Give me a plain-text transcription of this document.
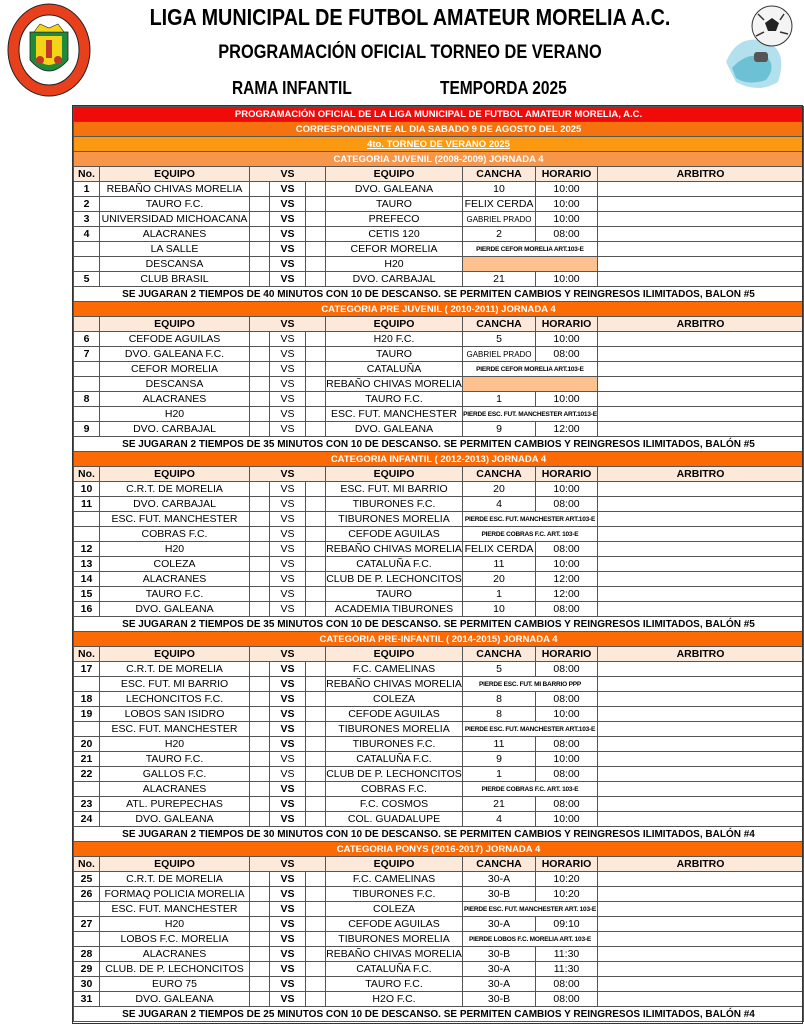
LIGA MUNICIPAL DE FUTBOL AMATEUR MORELIA A.C.
PROGRAMACIÓN OFICIAL TORNEO DE VERANO
RAMA INFANTIL	TEMPORDA 2025
PROGRAMACIÓN OFICIAL DE LA LIGA MUNICIPAL DE FUTBOL AMATEUR MORELIA, A.C.								
CORRESPONDIENTE AL DIA SABADO 9 DE AGOSTO DEL 2025								
4to. TORNEO DE VERANO 2025								
CATEGORIA JUVENIL (2008-2009) JORNADA 4								
No.	EQUIPO	VS			EQUIPO	CANCHA	HORARIO	ARBITRO
1	REBAÑO CHIVAS MORELIA		VS		DVO. GALEANA	10	10:00	
2	TAURO F.C.		VS		TAURO	FELIX CERDA	10:00	
3	UNIVERSIDAD MICHOACANA		VS		PREFECO	GABRIEL PRADO	10:00	
4	ALACRANES		VS		CETIS 120	2	08:00	
	LA SALLE		VS		CEFOR MORELIA	PIERDE CEFOR MORELIA ART.103-E		
	DESCANSA		VS		H20			
5	CLUB BRASIL		VS		DVO. CARBAJAL	21	10:00	
SE JUGARAN 2 TIEMPOS DE 40 MINUTOS CON 10 DE DESCANSO. SE PERMITEN CAMBIOS Y REINGRESOS ILIMITADOS, BALON #5								
CATEGORIA PRE JUVENIL ( 2010-2011) JORNADA 4								
	EQUIPO	VS			EQUIPO	CANCHA	HORARIO	ARBITRO
6	CEFODE AGUILAS		VS		H20 F.C.	5	10:00	
7	DVO. GALEANA F.C.		VS		TAURO	GABRIEL PRADO	08:00	
	CEFOR MORELIA		VS		CATALUÑA	PIERDE CEFOR MORELIA ART.103-E		
	DESCANSA		VS		REBAÑO CHIVAS MORELIA			
8	ALACRANES		VS		TAURO F.C.	1	10:00	
	H20		VS		ESC. FUT. MANCHESTER	PIERDE ESC. FUT. MANCHESTER ART.1013-E		
9	DVO. CARBAJAL		VS		DVO. GALEANA	9	12:00	
SE JUGARAN 2 TIEMPOS DE 35 MINUTOS CON 10 DE DESCANSO. SE PERMITEN CAMBIOS Y REINGRESOS ILIMITADOS, BALÓN #5								
CATEGORIA INFANTIL ( 2012-2013) JORNADA 4								
No.	EQUIPO	VS			EQUIPO	CANCHA	HORARIO	ARBITRO
10	C.R.T. DE MORELIA		VS		ESC. FUT. MI BARRIO	20	10:00	
11	DVO. CARBAJAL		VS		TIBURONES F.C.	4	08:00	
	ESC. FUT. MANCHESTER		VS		TIBURONES MORELIA	PIERDE ESC. FUT. MANCHESTER ART.103-E		
	COBRAS F.C.		VS		CEFODE AGUILAS	PIERDE COBRAS F.C. ART. 103-E		
12	H20		VS		REBAÑO CHIVAS MORELIA	FELIX CERDA	08:00	
13	COLEZA		VS		CATALUÑA F.C.	11	10:00	
14	ALACRANES		VS		CLUB DE P. LECHONCITOS	20	12:00	
15	TAURO F.C.		VS		TAURO	1	12:00	
16	DVO. GALEANA		VS		ACADEMIA TIBURONES	10	08:00	
SE JUGARAN 2 TIEMPOS DE 35 MINUTOS CON 10 DE DESCANSO. SE PERMITEN CAMBIOS Y REINGRESOS ILIMITADOS, BALÓN #5								
CATEGORIA PRE-INFANTIL ( 2014-2015) JORNADA 4								
No.	EQUIPO	VS			EQUIPO	CANCHA	HORARIO	ARBITRO
17	C.R.T. DE MORELIA		VS		F.C. CAMELINAS	5	08:00	
	ESC. FUT. MI BARRIO		VS		REBAÑO CHIVAS MORELIA	PIERDE ESC. FUT. MI BARRIO PPP		
18	LECHONCITOS F.C.		VS		COLEZA	8	08:00	
19	LOBOS SAN ISIDRO		VS		CEFODE AGUILAS	8	10:00	
	ESC. FUT. MANCHESTER		VS		TIBURONES MORELIA	PIERDE ESC. FUT. MANCHESTER ART.103-E		
20	H20		VS		TIBURONES F.C.	11	08:00	
21	TAURO F.C.		VS		CATALUÑA F.C.	9	10:00	
22	GALLOS F.C.		VS		CLUB DE P. LECHONCITOS	1	08:00	
	ALACRANES		VS		COBRAS F.C.	PIERDE COBRAS F.C. ART. 103-E		
23	ATL. PUREPECHAS		VS		F.C. COSMOS	21	08:00	
24	DVO. GALEANA		VS		COL. GUADALUPE	4	10:00	
SE JUGARAN 2 TIEMPOS DE 30 MINUTOS CON 10 DE DESCANSO. SE PERMITEN CAMBIOS Y REINGRESOS ILIMITADOS, BALÓN #4								
CATEGORIA PONYS (2016-2017) JORNADA 4								
No.	EQUIPO	VS			EQUIPO	CANCHA	HORARIO	ARBITRO
25	C.R.T. DE MORELIA		VS		F.C. CAMELINAS	30-A	10:20	
26	FORMAQ POLICIA MORELIA		VS		TIBURONES F.C.	30-B	10:20	
	ESC. FUT. MANCHESTER		VS		COLEZA	PIERDE ESC. FUT. MANCHESTER ART. 103-E		
27	H20		VS		CEFODE AGUILAS	30-A	09:10	
	LOBOS F.C. MORELIA		VS		TIBURONES MORELIA	PIERDE LOBOS F.C. MORELIA ART. 103-E		
28	ALACRANES		VS		REBAÑO CHIVAS MORELIA	30-B	11:30	
29	CLUB. DE P. LECHONCITOS		VS		CATALUÑA F.C.	30-A	11:30	
30	EURO 75		VS		TAURO F.C.	30-A	08:00	
31	DVO. GALEANA		VS		H2O F.C.	30-B	08:00	
SE JUGARAN 2 TIEMPOS DE 25 MINUTOS CON 10 DE DESCANSO. SE PERMITEN CAMBIOS Y REINGRESOS ILIMITADOS, BALÓN #4								
